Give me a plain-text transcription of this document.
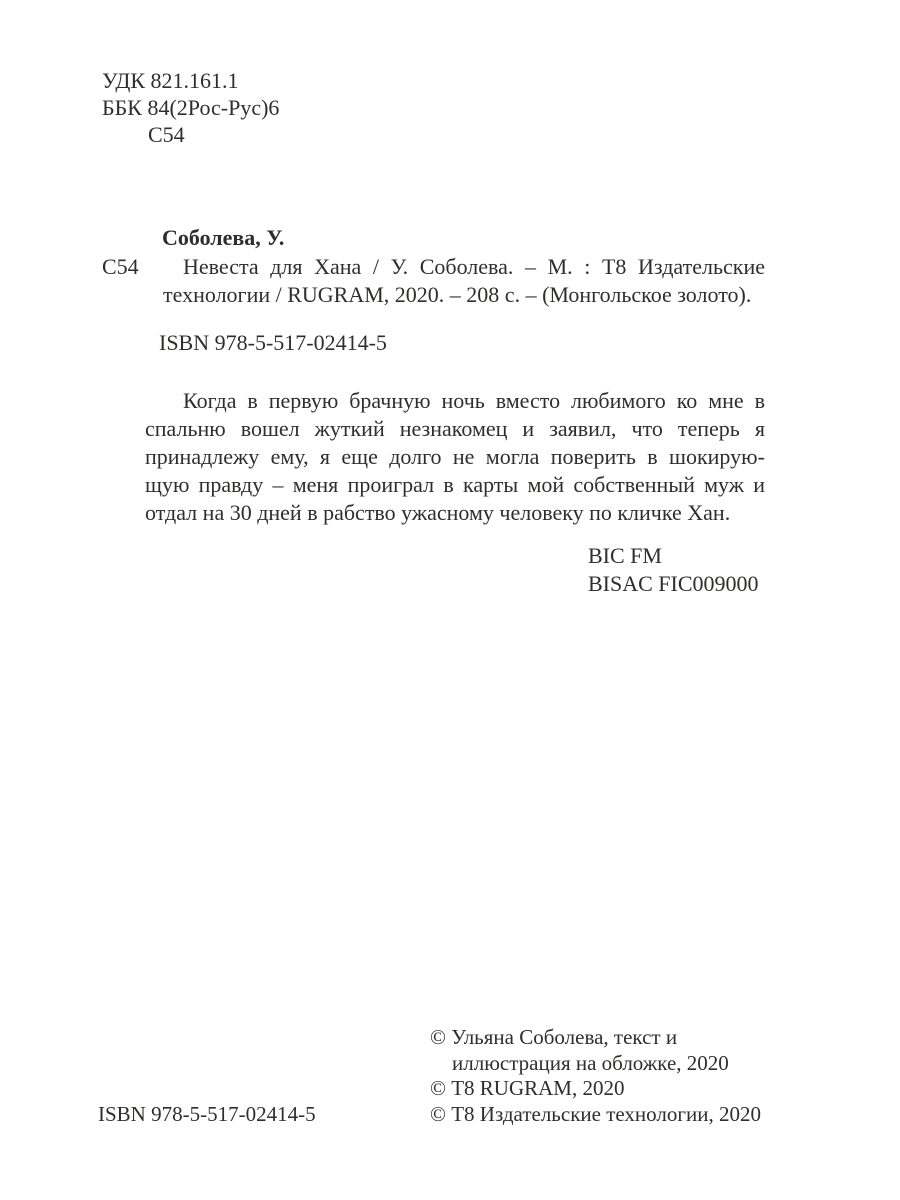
УДК 821.161.1
ББК 84(2Рос-Рус)6
С54
Соболева, У.
С54 Невеста для Хана / У. Соболева. – М. : Т8 Издательские
технологии / RUGRAM, 2020. – 208 с. – (Монгольское золото).
ISBN 978-5-517-02414-5
Когда в первую брачную ночь вместо любимого ко мне в
спальню вошел жуткий незнакомец и заявил, что теперь я
принадлежу ему, я еще долго не могла поверить в шокирую-
щую правду – меня проиграл в карты мой собственный муж и
отдал на 30 дней в рабство ужасному человеку по кличке Хан.
BIC FM
BISAC FIC009000
© Ульяна Соболева, текст и
иллюстрация на обложке, 2020
© Т8 RUGRAM, 2020
© Т8 Издательские технологии, 2020
ISBN 978-5-517-02414-5
